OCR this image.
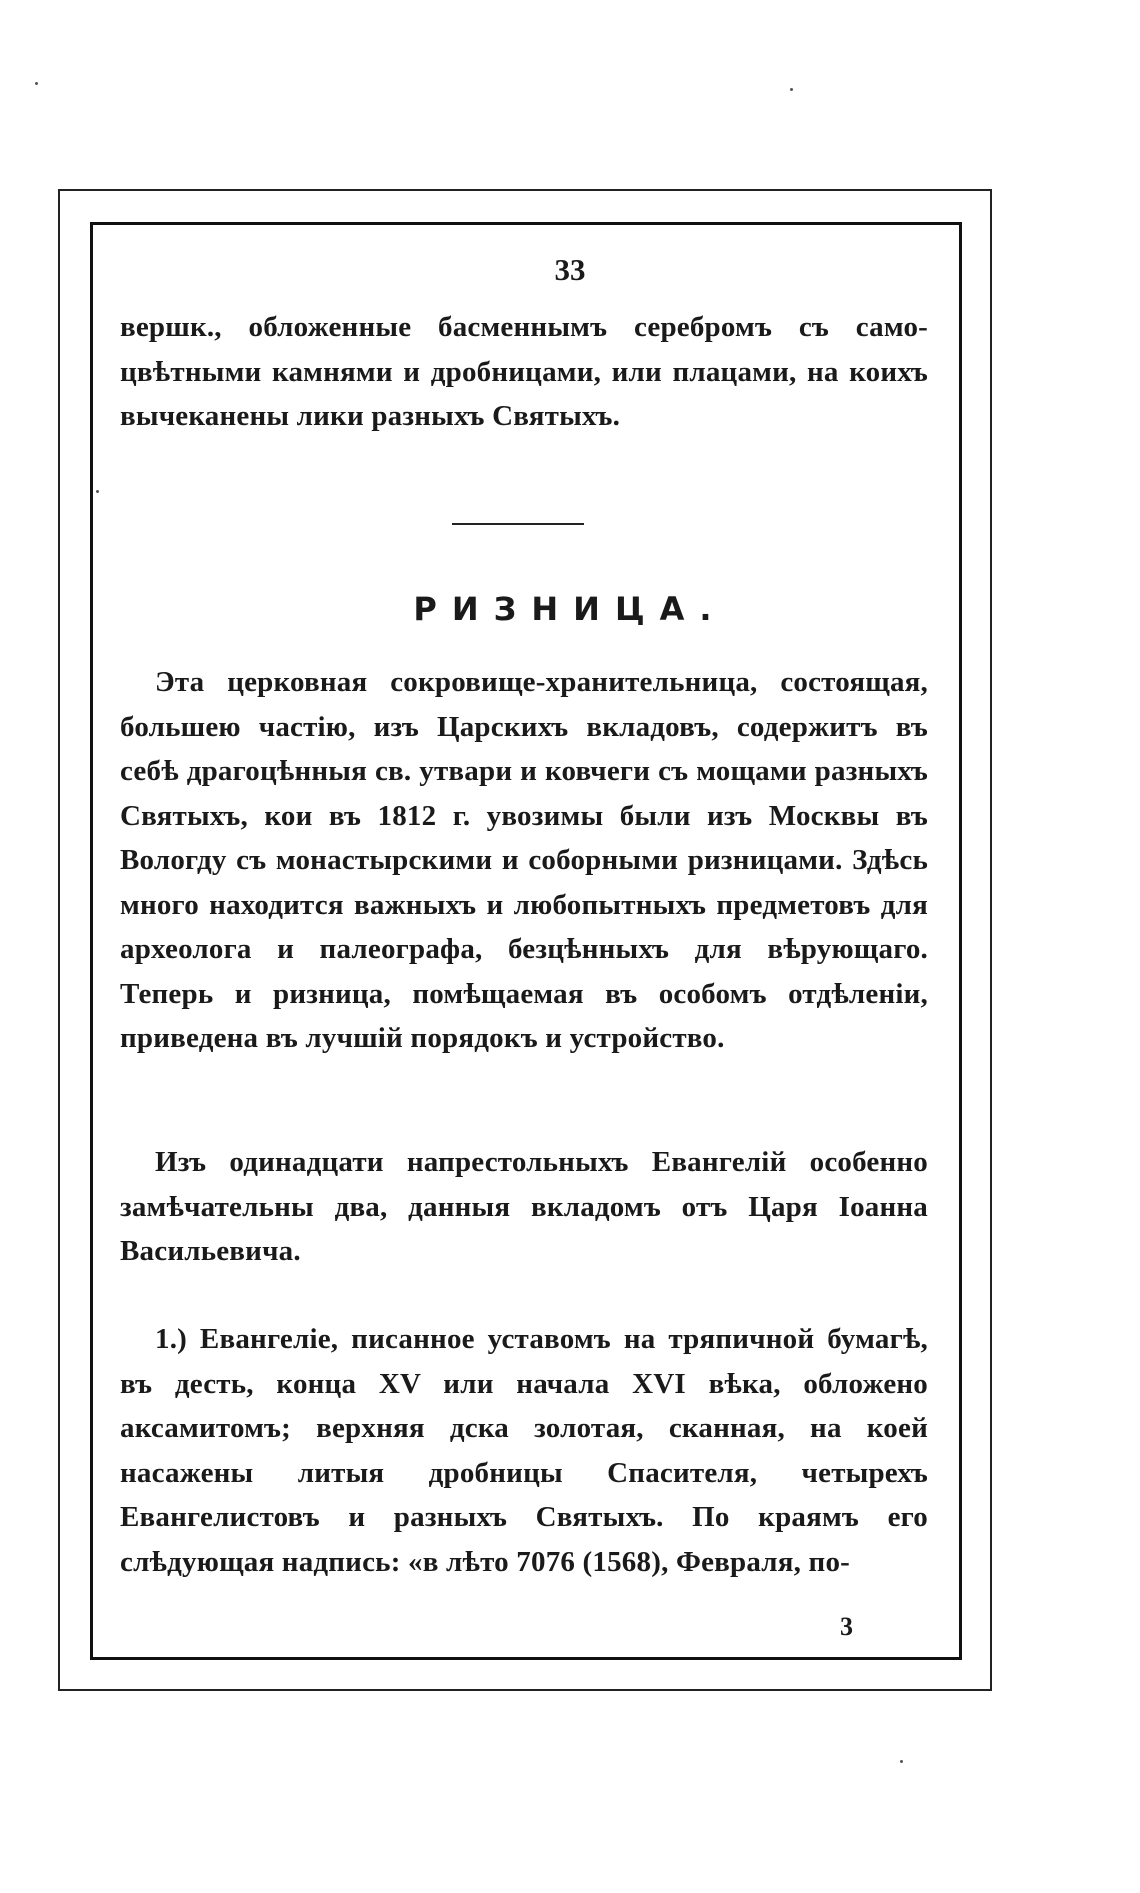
33

вершк., обложенные басменнымъ серебромъ съ само-цвѣтными камнями и дробницами, или плацами, на коихъ вычеканены лики разныхъ Святыхъ.

РИЗНИЦА.

Эта церковная сокровище-хранительница, состоящая, большею частію, изъ Царскихъ вкладовъ, содержитъ въ себѣ драгоцѣнныя св. утвари и ковчеги съ мощами разныхъ Святыхъ, кои въ 1812 г. увозимы были изъ Москвы въ Вологду съ монастырскими и соборными ризницами. Здѣсь много находится важныхъ и любопытныхъ предметовъ для археолога и палеографа, безцѣнныхъ для вѣрующаго. Теперь и ризница, помѣщаемая въ особомъ отдѣленіи, приведена въ лучшій порядокъ и устройство.

Изъ одинадцати напрестольныхъ Евангелій особенно замѣчательны два, данныя вкладомъ отъ Царя Іоанна Васильевича.

1.) Евангеліе, писанное уставомъ на тряпичной бумагѣ, въ десть, конца XV или начала XVI вѣка, обложено аксамитомъ; верхняя дска золотая, сканная, на коей насажены литыя дробницы Спасителя, четырехъ Евангелистовъ и разныхъ Святыхъ. По краямъ его слѣдующая надпись: «в лѣто 7076 (1568), Февраля, по-

3
